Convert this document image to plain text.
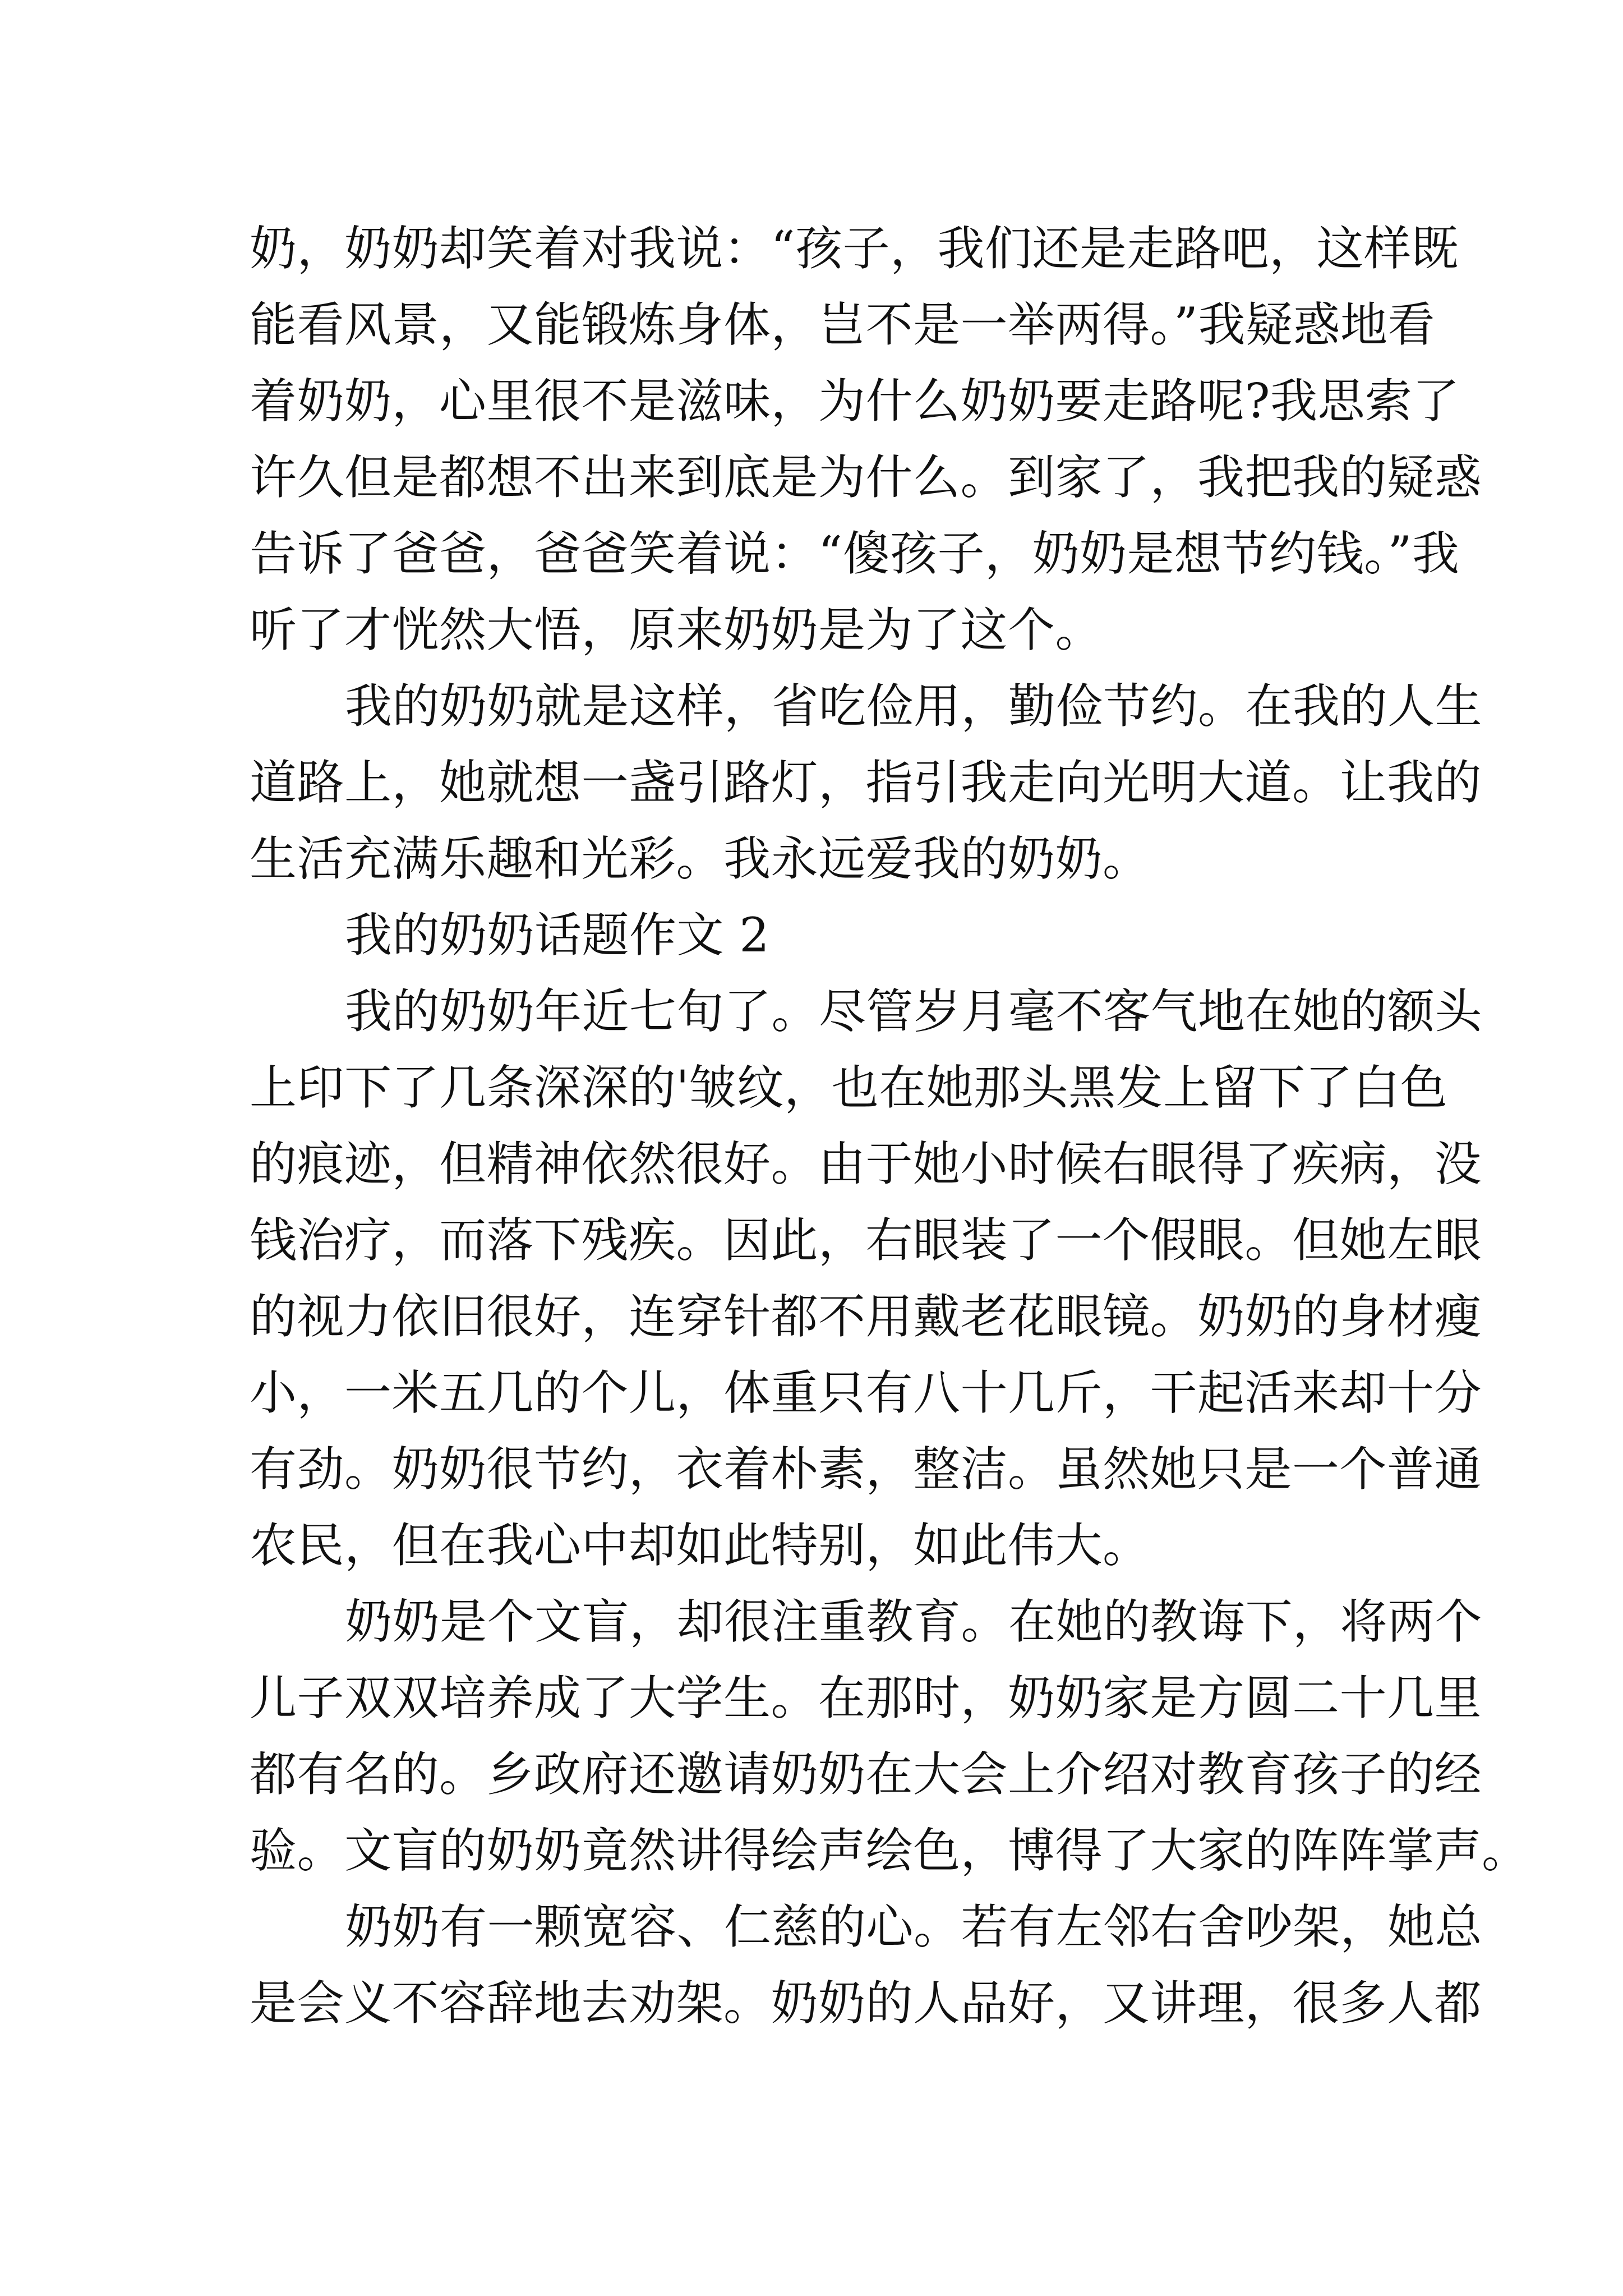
奶，奶奶却笑着对我说：“孩子，我们还是走路吧，这样既
能看风景，又能锻炼身体，岂不是一举两得。”我疑惑地看
着奶奶，心里很不是滋味，为什么奶奶要走路呢?我思索了
许久但是都想不出来到底是为什么。到家了，我把我的疑惑
告诉了爸爸，爸爸笑着说：“傻孩子，奶奶是想节约钱。”我
听了才恍然大悟，原来奶奶是为了这个。
我的奶奶就是这样，省吃俭用，勤俭节约。在我的人生
道路上，她就想一盏引路灯，指引我走向光明大道。让我的
生活充满乐趣和光彩。我永远爱我的奶奶。
我的奶奶话题作文 2
我的奶奶年近七旬了。尽管岁月毫不客气地在她的额头
上印下了几条深深的'皱纹，也在她那头黑发上留下了白色
的痕迹，但精神依然很好。由于她小时候右眼得了疾病，没
钱治疗，而落下残疾。因此，右眼装了一个假眼。但她左眼
的视力依旧很好，连穿针都不用戴老花眼镜。奶奶的身材瘦
小，一米五几的个儿，体重只有八十几斤，干起活来却十分
有劲。奶奶很节约，衣着朴素，整洁。虽然她只是一个普通
农民，但在我心中却如此特别，如此伟大。
奶奶是个文盲，却很注重教育。在她的教诲下，将两个
儿子双双培养成了大学生。在那时，奶奶家是方圆二十几里
都有名的。乡政府还邀请奶奶在大会上介绍对教育孩子的经
验。文盲的奶奶竟然讲得绘声绘色，博得了大家的阵阵掌声。
奶奶有一颗宽容、仁慈的心。若有左邻右舍吵架，她总
是会义不容辞地去劝架。奶奶的人品好，又讲理，很多人都
